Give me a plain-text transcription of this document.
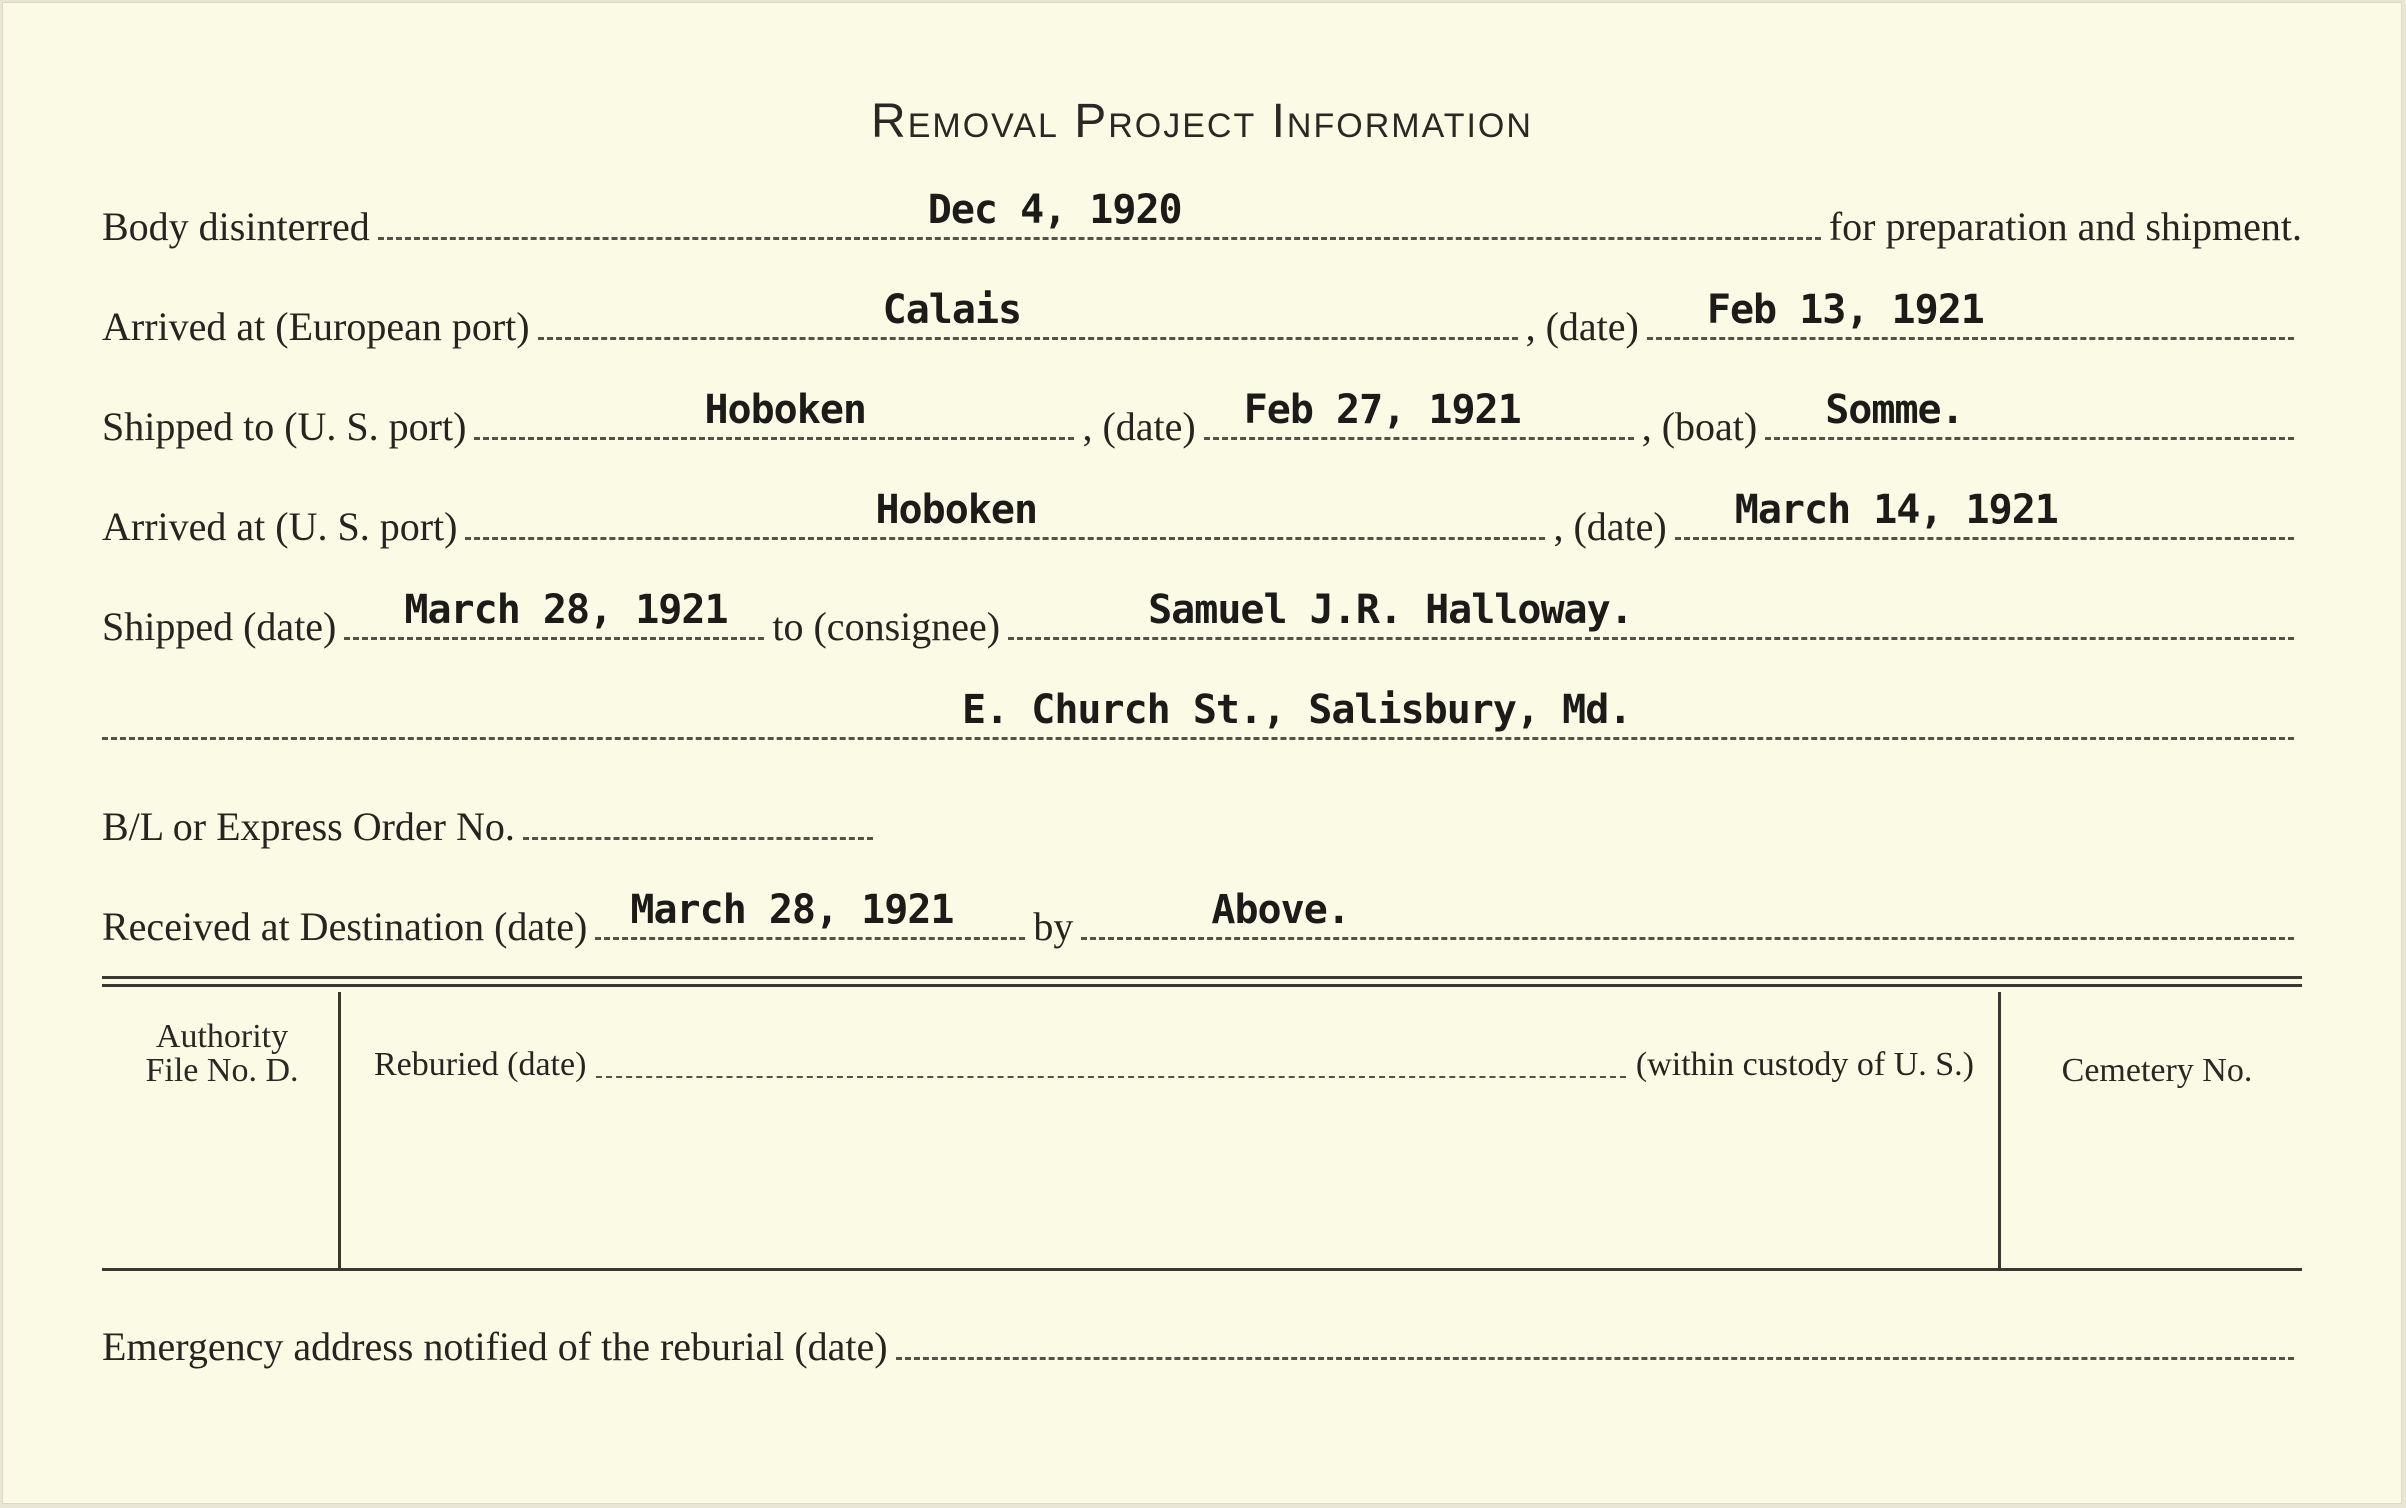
Removal Project Information
Body disinterred	Dec 4, 1920	for preparation and shipment.
Arrived at (European port)	Calais	, (date) Feb 13, 1921
Shipped to (U. S. port)	Hoboken	, (date) Feb 27, 1921	, (boat) Somme.
Arrived at (U. S. port)	Hoboken	, (date) March 14, 1921
Shipped (date) March 28, 1921 to (consignee)	Samuel J.R. Halloway.
E. Church St., Salisbury, Md.
B/L or Express Order No.
Received at Destination (date) March 28, 1921 by	Above.
Authority
File No. D.	Reburied (date)	(within custody of U. S.)	Cemetery No.
Emergency address notified of the reburial (date)
